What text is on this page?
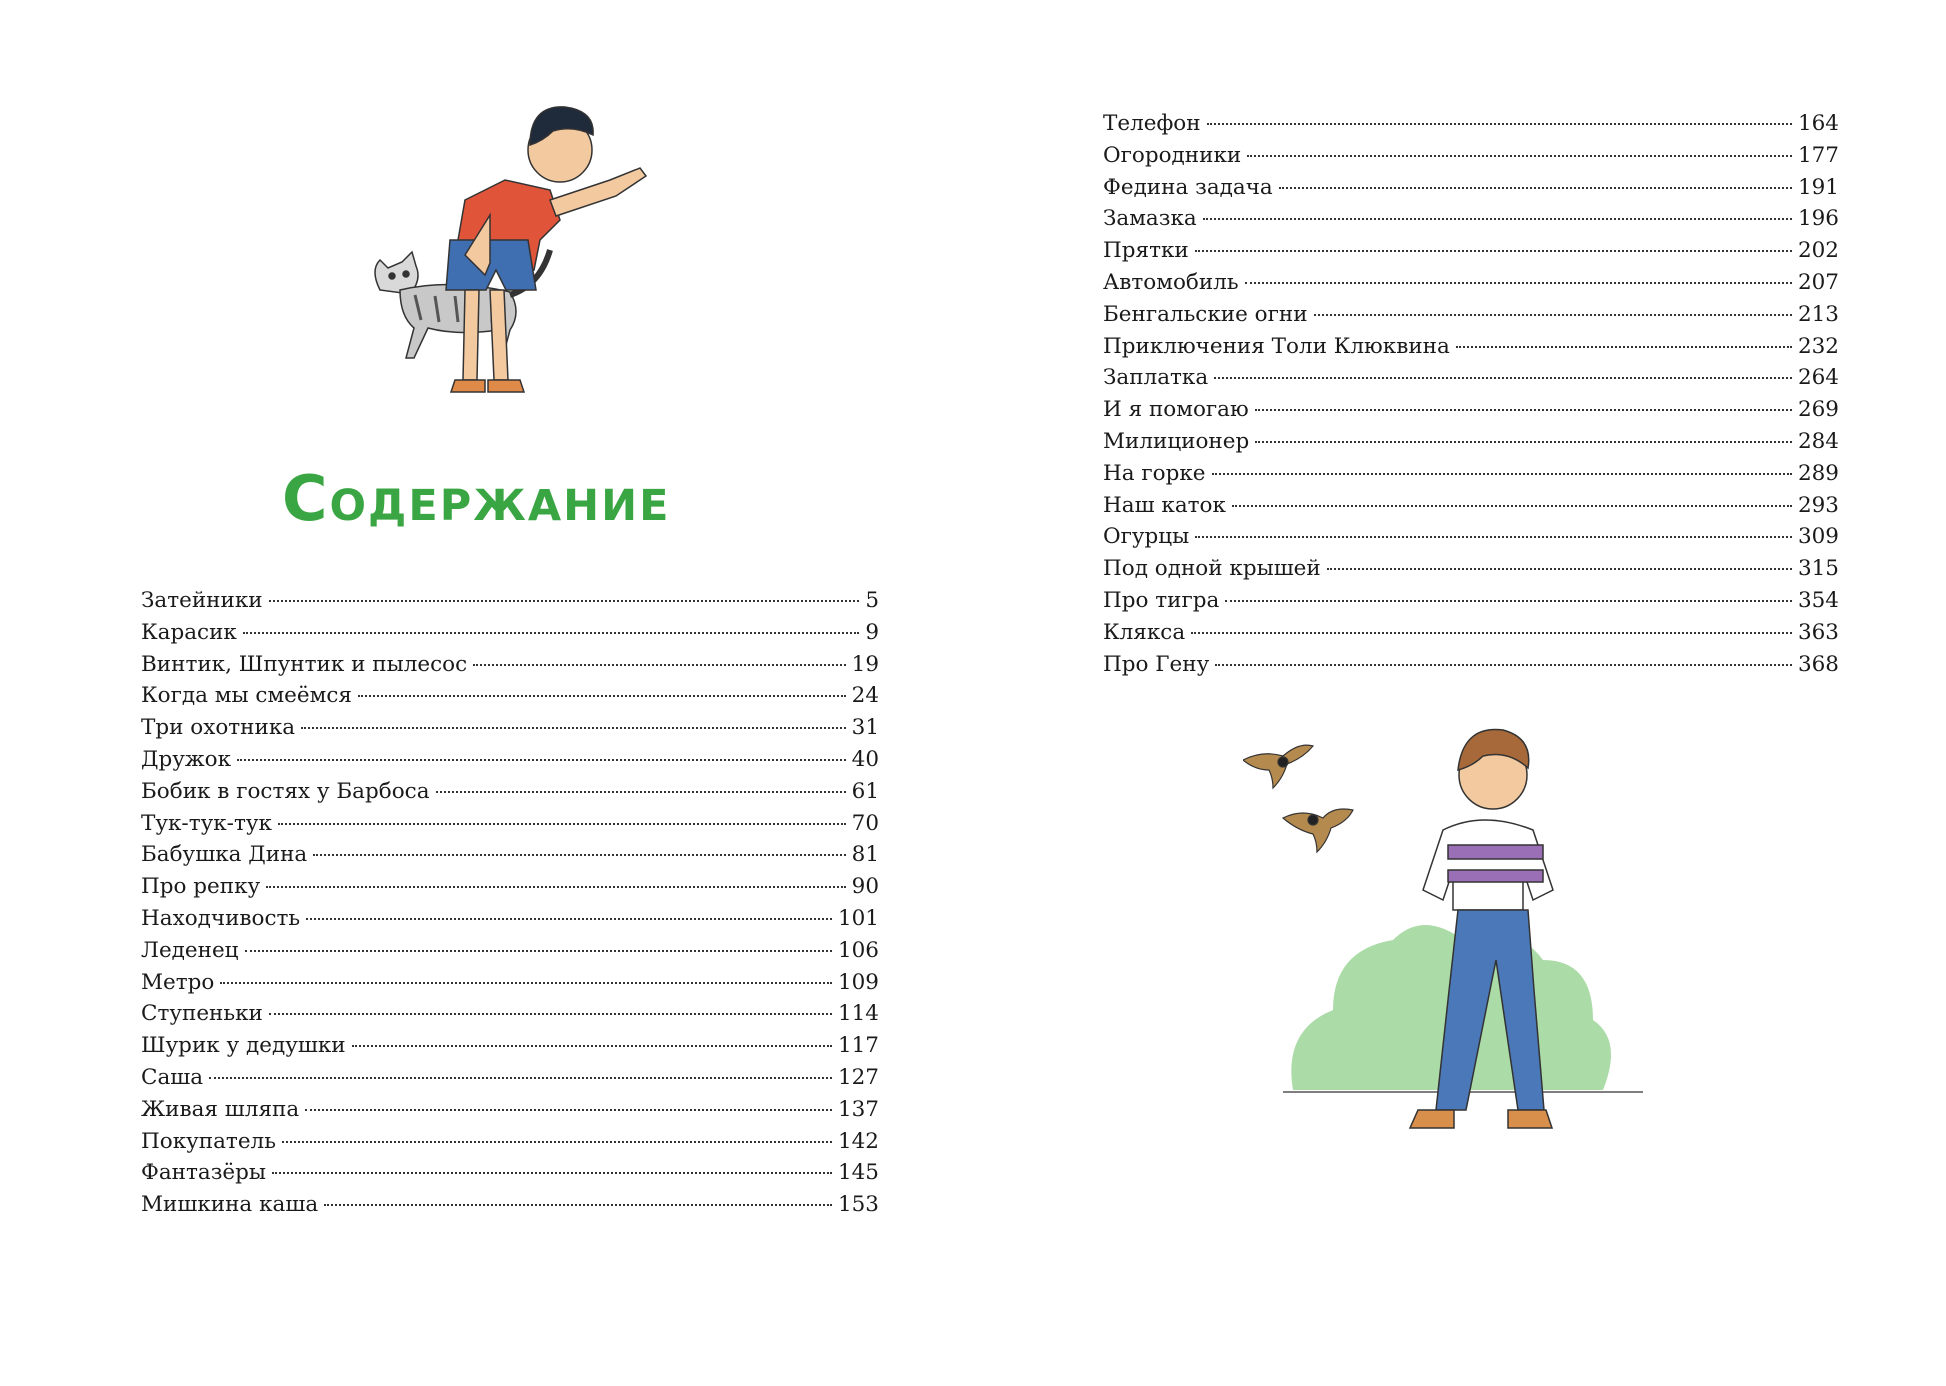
Содержание
Затейники	5
Карасик	9
Винтик, Шпунтик и пылесос	19
Когда мы смеёмся	24
Три охотника	31
Дружок	40
Бобик в гостях у Барбоса	61
Тук-тук-тук	70
Бабушка Дина	81
Про репку	90
Находчивость	101
Леденец	106
Метро	109
Ступеньки	114
Шурик у дедушки	117
Саша	127
Живая шляпа	137
Покупатель	142
Фантазёры	145
Мишкина каша	153
Телефон	164
Огородники	177
Федина задача	191
Замазка	196
Прятки	202
Автомобиль	207
Бенгальские огни	213
Приключения Толи Клюквина	232
Заплатка	264
И я помогаю	269
Милиционер	284
На горке	289
Наш каток	293
Огурцы	309
Под одной крышей	315
Про тигра	354
Клякса	363
Про Гену	368
